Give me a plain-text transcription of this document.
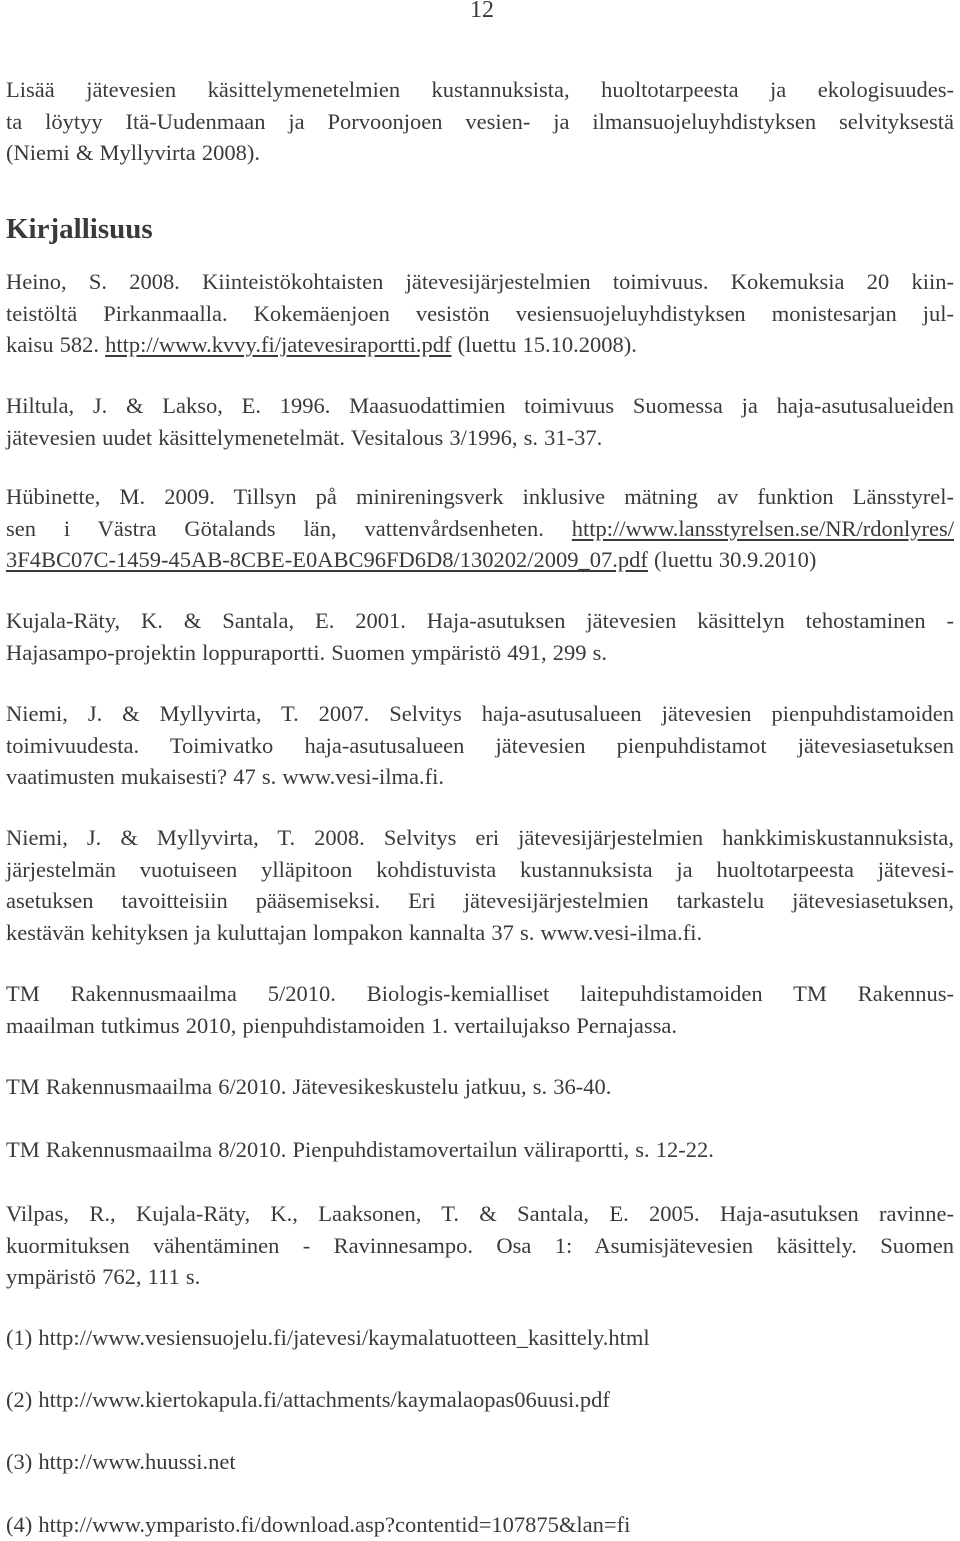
12
Lisää jätevesien käsittelymenetelmien kustannuksista, huoltotarpeesta ja ekologisuudes-
ta löytyy Itä-Uudenmaan ja Porvoonjoen vesien- ja ilmansuojeluyhdistyksen selvityksestä
(Niemi & Myllyvirta 2008).
Kirjallisuus
Heino, S. 2008. Kiinteistökohtaisten jätevesijärjestelmien toimivuus. Kokemuksia 20 kiin-
teistöltä Pirkanmaalla. Kokemäenjoen vesistön vesiensuojeluyhdistyksen monistesarjan jul-
kaisu 582. http://www.kvvy.fi/jatevesiraportti.pdf (luettu 15.10.2008).
Hiltula, J. & Lakso, E. 1996. Maasuodattimien toimivuus Suomessa ja haja-asutusalueiden
jätevesien uudet käsittelymenetelmät. Vesitalous 3/1996, s. 31-37.
Hübinette, M. 2009. Tillsyn på minireningsverk inklusive mätning av funktion Länsstyrel-
sen i Västra Götalands län, vattenvårdsenheten. http://www.lansstyrelsen.se/NR/rdonlyres/
3F4BC07C-1459-45AB-8CBE-E0ABC96FD6D8/130202/2009_07.pdf (luettu 30.9.2010)
Kujala-Räty, K. & Santala, E. 2001. Haja-asutuksen jätevesien käsittelyn tehostaminen -
Hajasampo-projektin loppuraportti. Suomen ympäristö 491, 299 s.
Niemi, J. & Myllyvirta, T. 2007. Selvitys haja-asutusalueen jätevesien pienpuhdistamoiden
toimivuudesta. Toimivatko haja-asutusalueen jätevesien pienpuhdistamot jätevesiasetuksen
vaatimusten mukaisesti? 47 s. www.vesi-ilma.fi.
Niemi, J. & Myllyvirta, T. 2008. Selvitys eri jätevesijärjestelmien hankkimiskustannuksista,
järjestelmän vuotuiseen ylläpitoon kohdistuvista kustannuksista ja huoltotarpeesta jätevesi-
asetuksen tavoitteisiin pääsemiseksi. Eri jätevesijärjestelmien tarkastelu jätevesiasetuksen,
kestävän kehityksen ja kuluttajan lompakon kannalta 37 s. www.vesi-ilma.fi.
TM Rakennusmaailma 5/2010. Biologis-kemialliset laitepuhdistamoiden TM Rakennus-
maailman tutkimus 2010, pienpuhdistamoiden 1. vertailujakso Pernajassa.
TM Rakennusmaailma 6/2010. Jätevesikeskustelu jatkuu, s. 36-40.
TM Rakennusmaailma 8/2010. Pienpuhdistamovertailun väliraportti, s. 12-22.
Vilpas, R., Kujala-Räty, K., Laaksonen, T. & Santala, E. 2005. Haja-asutuksen ravinne-
kuormituksen vähentäminen - Ravinnesampo. Osa 1: Asumisjätevesien käsittely. Suomen
ympäristö 762, 111 s.
(1) http://www.vesiensuojelu.fi/jatevesi/kaymalatuotteen_kasittely.html
(2) http://www.kiertokapula.fi/attachments/kaymalaopas06uusi.pdf
(3) http://www.huussi.net
(4) http://www.ymparisto.fi/download.asp?contentid=107875&lan=fi
